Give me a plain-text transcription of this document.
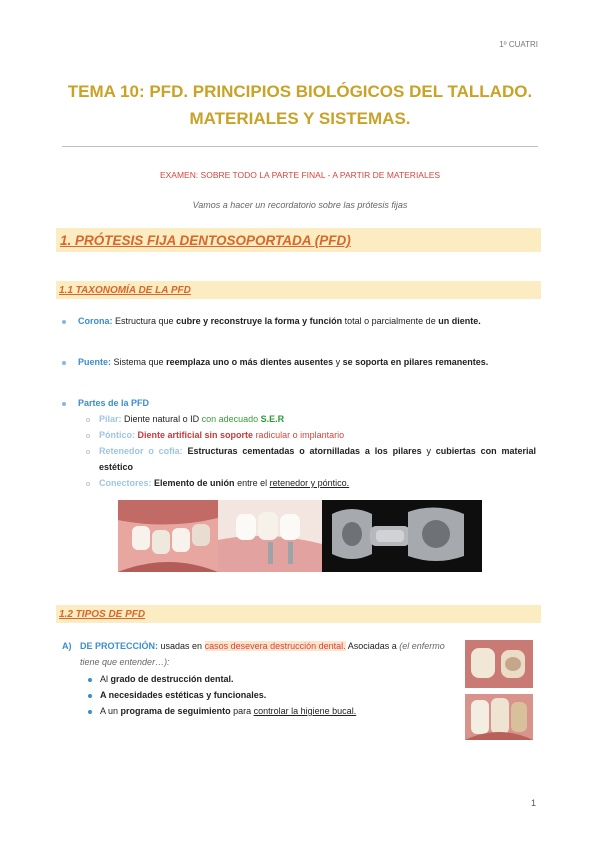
1º CUATRI
TEMA 10: PFD. PRINCIPIOS BIOLÓGICOS DEL TALLADO.
MATERIALES Y SISTEMAS.
EXAMEN: SOBRE TODO LA PARTE FINAL - A PARTIR DE MATERIALES
Vamos a hacer un recordatorio sobre las prótesis fijas
1. PRÓTESIS FIJA DENTOSOPORTADA (PFD)
1.1 TAXONOMÍA DE LA PFD
Corona: Estructura que cubre y reconstruye la forma y función total o parcialmente de un diente.
Puente: Sistema que reemplaza uno o más dientes ausentes y se soporta en pilares remanentes.
Partes de la PFD
Pilar: Diente natural o ID con adecuado S.E.R
Póntico: Diente artificial sin soporte radicular o implantario
Retenedor o cofia: Estructuras cementadas o atornilladas a los pilares y cubiertas con material estético
Conectores: Elemento de unión entre el retenedor y póntico.
1.2 TIPOS DE PFD
A) DE PROTECCIÓN: usadas en casos desevera destrucción dental. Asociadas a (el enfermo tiene que entender…):
Al grado de destrucción dental.
A necesidades estéticas y funcionales.
A un programa de seguimiento para controlar la higiene bucal.
1
